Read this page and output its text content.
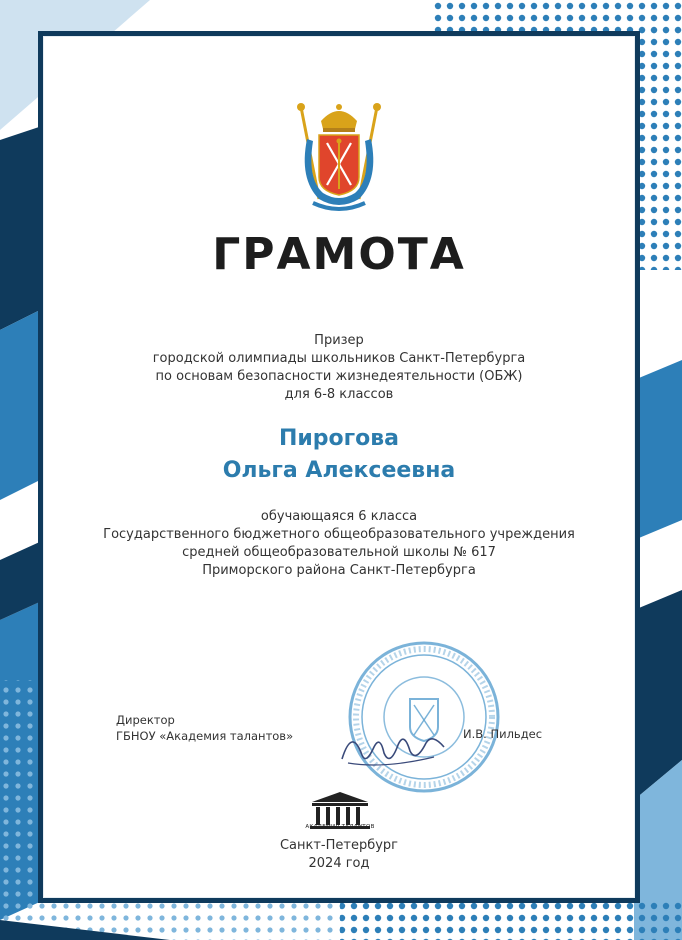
ГРАМОТА
Призер
городской олимпиады школьников Санкт-Петербурга
по основам безопасности жизнедеятельности (ОБЖ)
для 6-8 классов
Пирогова
Ольга Алексеевна
обучающаяся 6 класса
Государственного бюджетного общеобразовательного учреждения
средней общеобразовательной школы № 617
Приморского района Санкт-Петербурга
Директор
ГБНОУ «Академия талантов»	И.В. Пильдес
АКАДЕМИЯ ТАЛАНТОВ
Санкт-Петербург
2024 год
